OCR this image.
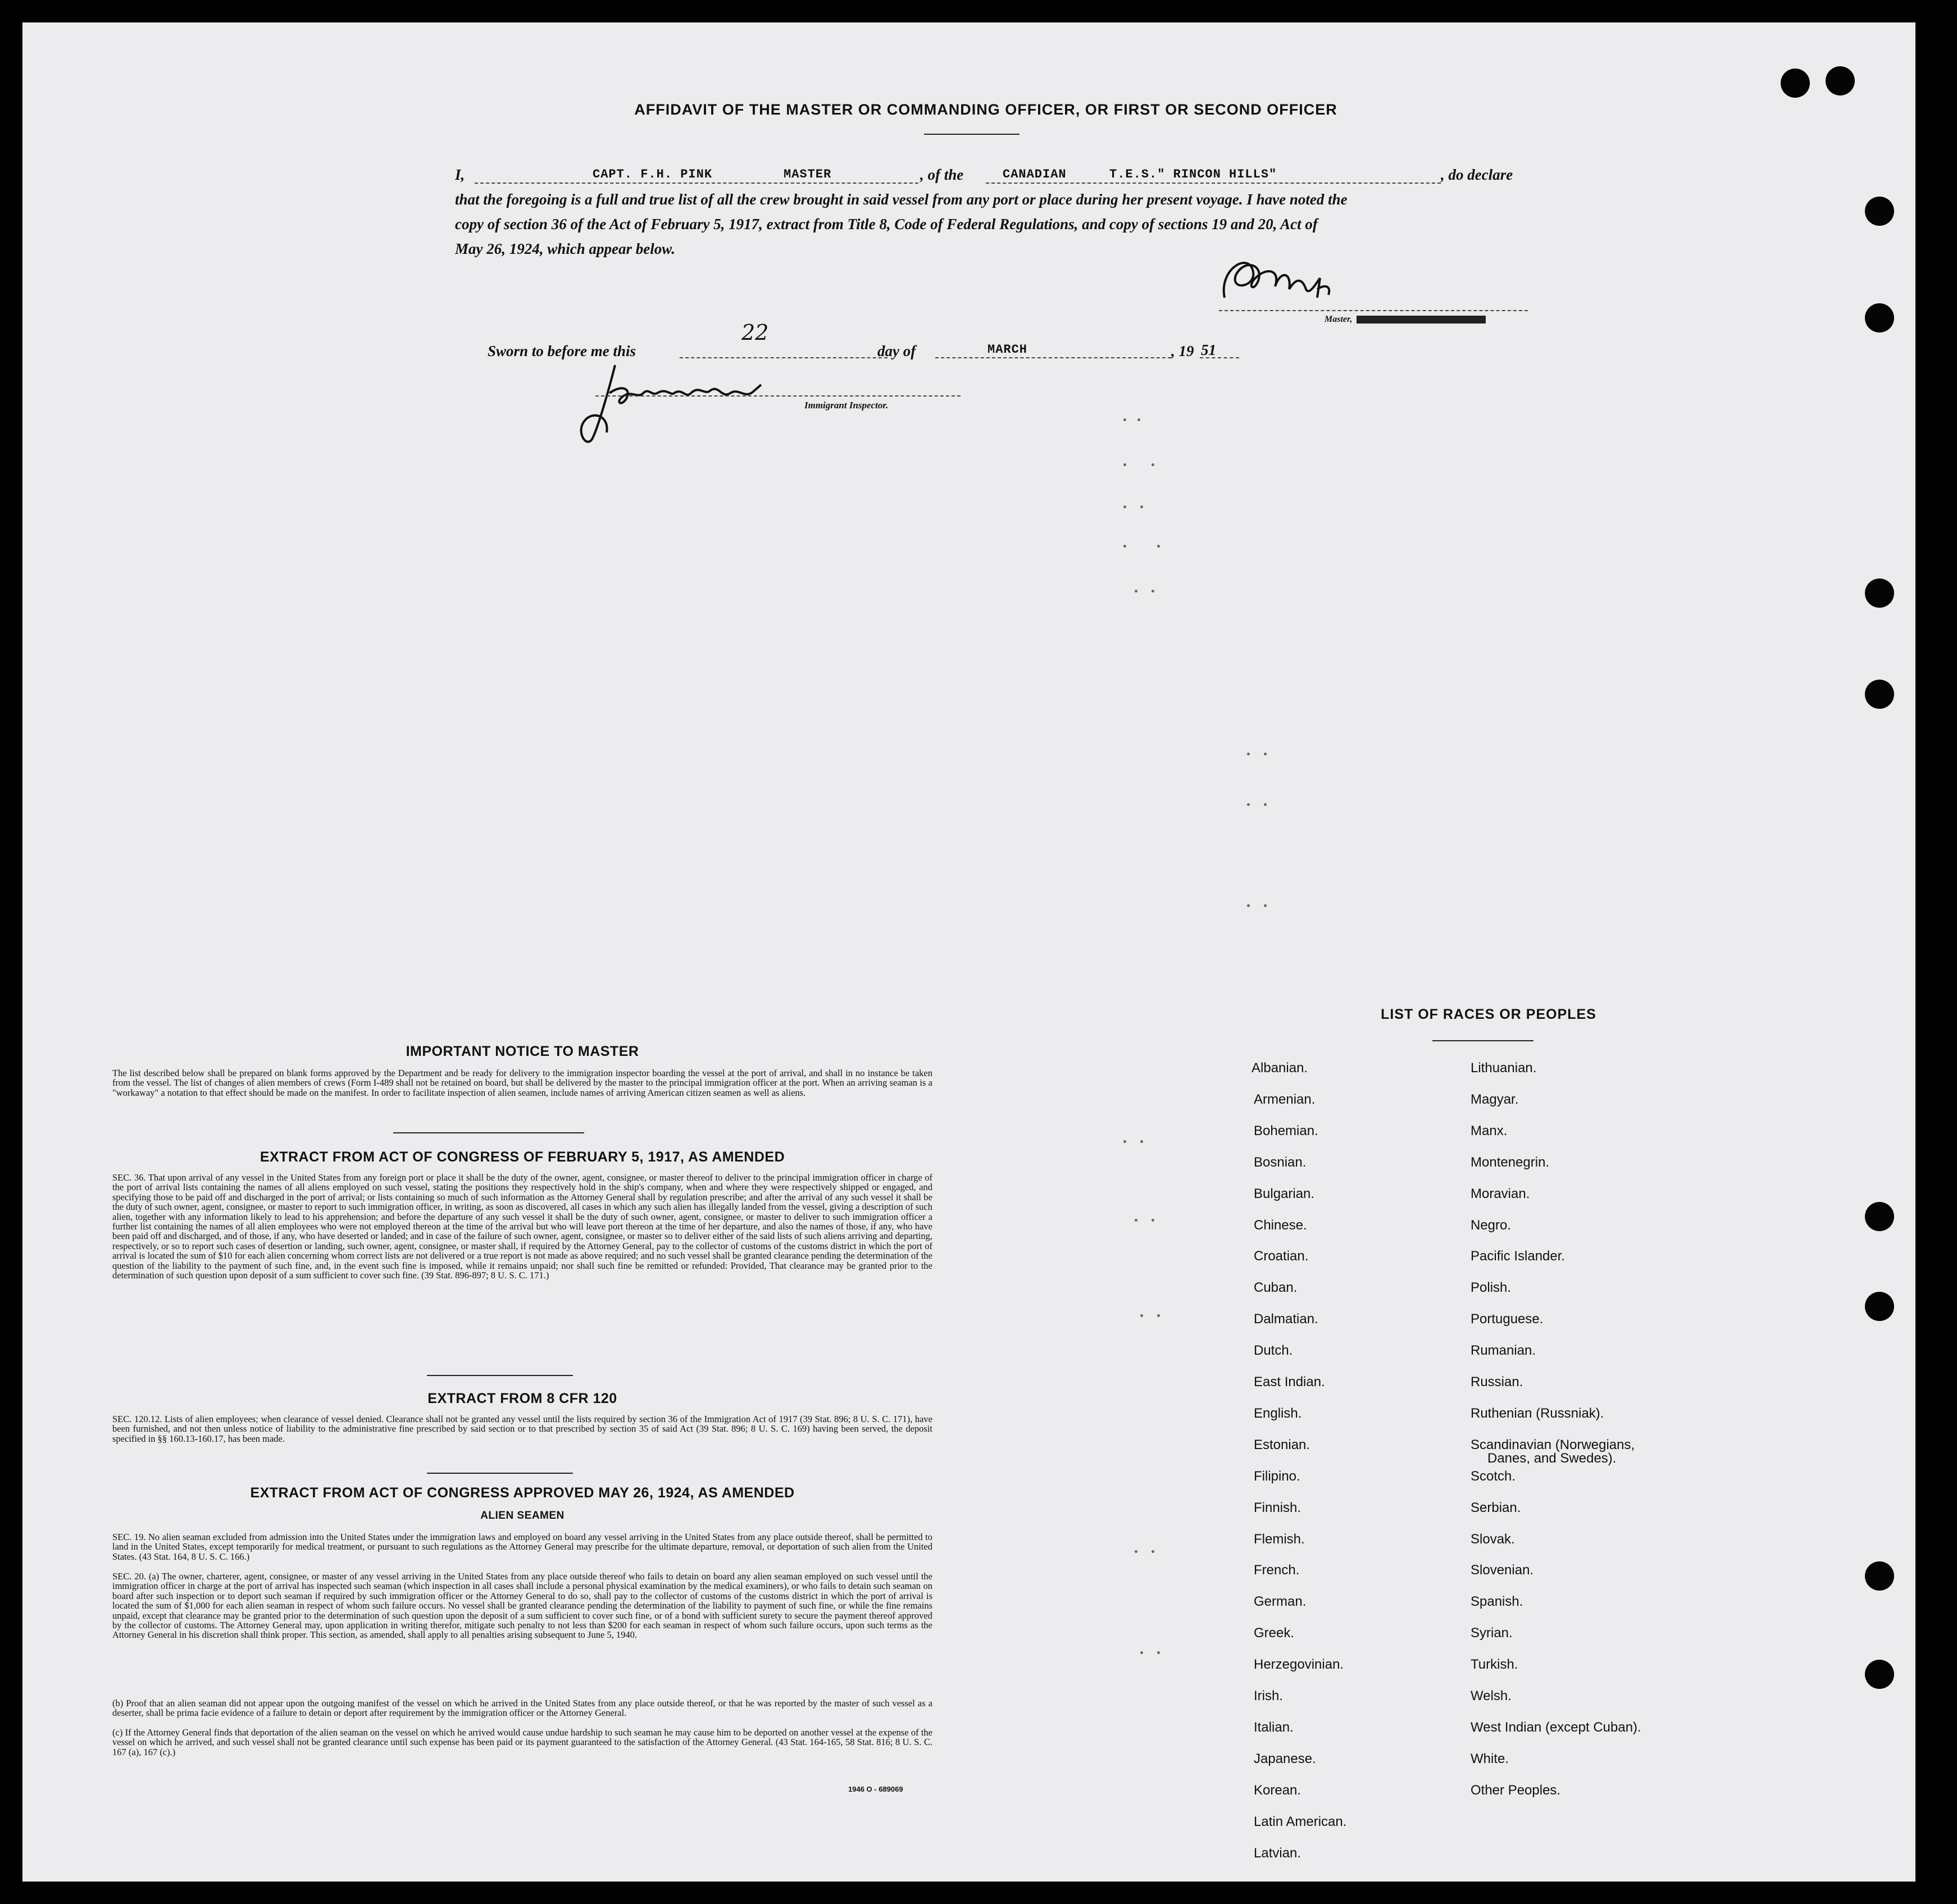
AFFIDAVIT OF THE MASTER OR COMMANDING OFFICER, OR FIRST OR SECOND OFFICER
I,	CAPT. F.H. PINK	MASTER	, of the	CANADIAN	T.E.S." RINCON HILLS"	, do declare
that the foregoing is a full and true list of all the crew brought in said vessel from any port or place during her present voyage. I have noted the
copy of section 36 of the Act of February 5, 1917, extract from Title 8, Code of Federal Regulations, and copy of sections 19 and 20, Act of
May 26, 1924, which appear below.
Master,
Sworn to before me this
22
day of	MARCH	, 19 51
Immigrant Inspector.
IMPORTANT NOTICE TO MASTER
The list described below shall be prepared on blank forms approved by the Department and be ready for delivery to the immigration inspector boarding the vessel at the port of arrival, and shall in no instance be taken from the vessel. The list of changes of alien members of crews (Form I-489 shall not be retained on board, but shall be delivered by the master to the principal immigration officer at the port. When an arriving seaman is a "workaway" a notation to that effect should be made on the manifest. In order to facilitate inspection of alien seamen, include names of arriving American citizen seamen as well as aliens.
EXTRACT FROM ACT OF CONGRESS OF FEBRUARY 5, 1917, AS AMENDED
SEC. 36. That upon arrival of any vessel in the United States from any foreign port or place it shall be the duty of the owner, agent, consignee, or master thereof to deliver to the principal immigration officer in charge of the port of arrival lists containing the names of all aliens employed on such vessel, stating the positions they respectively hold in the ship's company, when and where they were respectively shipped or engaged, and specifying those to be paid off and discharged in the port of arrival; or lists containing so much of such information as the Attorney General shall by regulation prescribe; and after the arrival of any such vessel it shall be the duty of such owner, agent, consignee, or master to report to such immigration officer, in writing, as soon as discovered, all cases in which any such alien has illegally landed from the vessel, giving a description of such alien, together with any information likely to lead to his apprehension; and before the departure of any such vessel it shall be the duty of such owner, agent, consignee, or master to deliver to such immigration officer a further list containing the names of all alien employees who were not employed thereon at the time of the arrival but who will leave port thereon at the time of her departure, and also the names of those, if any, who have been paid off and discharged, and of those, if any, who have deserted or landed; and in case of the failure of such owner, agent, consignee, or master so to deliver either of the said lists of such aliens arriving and departing, respectively, or so to report such cases of desertion or landing, such owner, agent, consignee, or master shall, if required by the Attorney General, pay to the collector of customs of the customs district in which the port of arrival is located the sum of $10 for each alien concerning whom correct lists are not delivered or a true report is not made as above required; and no such vessel shall be granted clearance pending the determination of the question of the liability to the payment of such fine, and, in the event such fine is imposed, while it remains unpaid; nor shall such fine be remitted or refunded: Provided, That clearance may be granted prior to the determination of such question upon deposit of a sum sufficient to cover such fine. (39 Stat. 896-897; 8 U. S. C. 171.)
EXTRACT FROM 8 CFR 120
SEC. 120.12. Lists of alien employees; when clearance of vessel denied. Clearance shall not be granted any vessel until the lists required by section 36 of the Immigration Act of 1917 (39 Stat. 896; 8 U. S. C. 171), have been furnished, and not then unless notice of liability to the administrative fine prescribed by said section or to that prescribed by section 35 of said Act (39 Stat. 896; 8 U. S. C. 169) having been served, the deposit specified in §§ 160.13-160.17, has been made.
EXTRACT FROM ACT OF CONGRESS APPROVED MAY 26, 1924, AS AMENDED
ALIEN SEAMEN
SEC. 19. No alien seaman excluded from admission into the United States under the immigration laws and employed on board any vessel arriving in the United States from any place outside thereof, shall be permitted to land in the United States, except temporarily for medical treatment, or pursuant to such regulations as the Attorney General may prescribe for the ultimate departure, removal, or deportation of such alien from the United States. (43 Stat. 164, 8 U. S. C. 166.)
SEC. 20. (a) The owner, charterer, agent, consignee, or master of any vessel arriving in the United States from any place outside thereof who fails to detain on board any alien seaman employed on such vessel until the immigration officer in charge at the port of arrival has inspected such seaman (which inspection in all cases shall include a personal physical examination by the medical examiners), or who fails to detain such seaman on board after such inspection or to deport such seaman if required by such immigration officer or the Attorney General to do so, shall pay to the collector of customs of the customs district in which the port of arrival is located the sum of $1,000 for each alien seaman in respect of whom such failure occurs. No vessel shall be granted clearance pending the determination of the liability to payment of such fine, or while the fine remains unpaid, except that clearance may be granted prior to the determination of such question upon the deposit of a sum sufficient to cover such fine, or of a bond with sufficient surety to secure the payment thereof approved by the collector of customs. The Attorney General may, upon application in writing therefor, mitigate such penalty to not less than $200 for each seaman in respect of whom such failure occurs, upon such terms as the Attorney General in his discretion shall think proper. This section, as amended, shall apply to all penalties arising subsequent to June 5, 1940.
(b) Proof that an alien seaman did not appear upon the outgoing manifest of the vessel on which he arrived in the United States from any place outside thereof, or that he was reported by the master of such vessel as a deserter, shall be prima facie evidence of a failure to detain or deport after requirement by the immigration officer or the Attorney General.
(c) If the Attorney General finds that deportation of the alien seaman on the vessel on which he arrived would cause undue hardship to such seaman he may cause him to be deported on another vessel at the expense of the vessel on which he arrived, and such vessel shall not be granted clearance until such expense has been paid or its payment guaranteed to the satisfaction of the Attorney General. (43 Stat. 164-165, 58 Stat. 816; 8 U. S. C. 167 (a), 167 (c).)
1946 O - 689069
LIST OF RACES OR PEOPLES
Albanian.
Armenian.
Bohemian.
Bosnian.
Bulgarian.
Chinese.
Croatian.
Cuban.
Dalmatian.
Dutch.
East Indian.
English.
Estonian.
Filipino.
Finnish.
Flemish.
French.
German.
Greek.
Herzegovinian.
Irish.
Italian.
Japanese.
Korean.
Latin American.
Latvian.
Lithuanian.
Magyar.
Manx.
Montenegrin.
Moravian.
Negro.
Pacific Islander.
Polish.
Portuguese.
Rumanian.
Russian.
Ruthenian (Russniak).
Scandinavian (Norwegians,
Danes, and Swedes).
Scotch.
Serbian.
Slovak.
Slovenian.
Spanish.
Syrian.
Turkish.
Welsh.
West Indian (except Cuban).
White.
Other Peoples.
